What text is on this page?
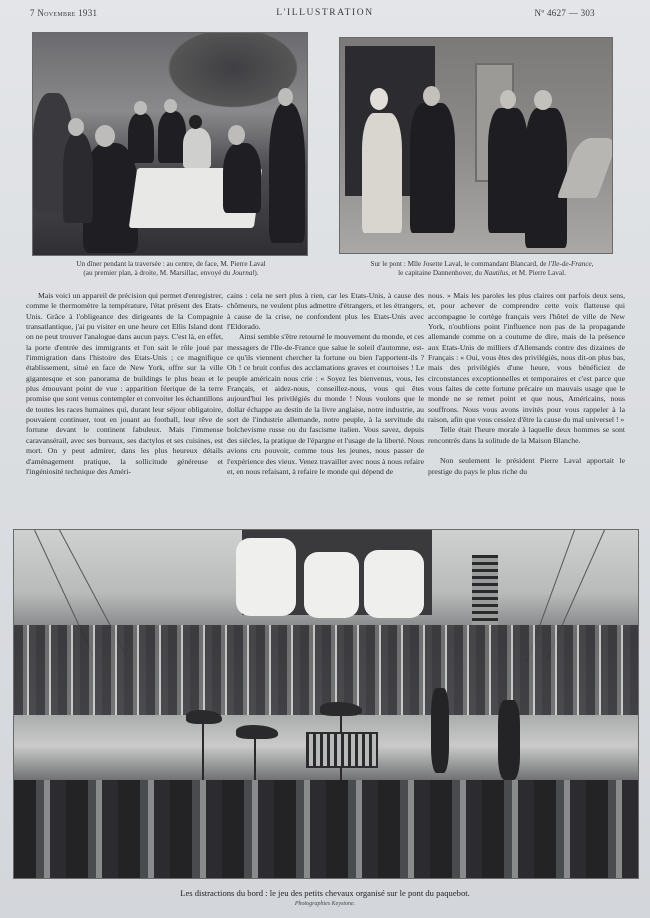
7 Novembre 1931	L'ILLUSTRATION	Nº 4627 — 303
Un dîner pendant la traversée : au centre, de face, M. Pierre Laval
(au premier plan, à droite, M. Marsillac, envoyé du Journal).
Sur le pont : Mlle Josette Laval, le commandant Blancard, de l'Ile-de-France,
le capitaine Dannenhover, du Nautilus, et M. Pierre Laval.

Mais voici un appareil de précision qui permet d'enregistrer, comme le thermomètre la température, l'état présent des Etats-Unis. Grâce à l'obligeance des dirigeants de la Compagnie transatlantique, j'ai pu visiter en une heure cet Ellis Island dont on ne peut trouver l'analogue dans aucun pays. C'est là, en effet, la porte d'entrée des immigrants et l'on sait le rôle joué par l'immigration dans l'histoire des Etats-Unis ; ce magnifique établissement, situé en face de New York, offre sur la ville gigantesque et son panorama de buildings le plus beau et le plus émouvant point de vue : apparition féerique de la terre promise que sont venus contempler et convoiter les échantillons de toutes les races humaines qui, durant leur séjour obligatoire, pouvaient continuer, tout en jouant au football, leur rêve de fortune devant le continent fabuleux. Mais l'immense caravansérail, avec ses bureaux, ses dactylos et ses cuisines, est mort. On y peut admirer, dans les plus heureux détails d'aménagement pratique, la sollicitude généreuse et l'ingéniosité technique des Améri-

cains : cela ne sert plus à rien, car les Etats-Unis, à cause des chômeurs, ne veulent plus admettre d'étrangers, et les étrangers, à cause de la crise, ne confondent plus les Etats-Unis avec l'Eldorado.

Ainsi semble s'être retourné le mouvement du monde, et ces messagers de l'Ile-de-France que salue le soleil d'automne, est-ce qu'ils viennent chercher la fortune ou bien l'apportent-ils ? Oh ! ce bruit confus des acclamations graves et courtoises ! Le peuple américain nous crie : « Soyez les bienvenus, vous, les Français, et aidez-nous, conseillez-nous, vous qui êtes aujourd'hui les privilégiés du monde ! Nous voulons que le dollar échappe au destin de la livre anglaise, notre industrie, au sort de l'industrie allemande, notre peuple, à la servitude du bolchevisme russe ou du fascisme italien. Vous savez, depuis des siècles, la pratique de l'épargne et l'usage de la liberté. Nous avions cru pouvoir, comme tous les jeunes, nous passer de l'expérience des vieux. Venez travailler avec nous à nous refaire et, en nous refaisant, à refaire le monde qui dépend de

nous. » Mais les paroles les plus claires ont parfois deux sens, et, pour achever de comprendre cette voix flatteuse qui accompagne le cortège français vers l'hôtel de ville de New York, n'oublions point l'influence non pas de la propagande allemande comme on a coutume de dire, mais de la présence aux Etats-Unis de milliers d'Allemands contre des dizaines de Français : « Oui, vous êtes des privilégiés, nous dit-on plus bas, mais des privilégiés d'une heure, vous bénéficiez de circonstances exceptionnelles et temporaires et c'est parce que vous faites de cette fortune précaire un mauvais usage que le monde ne se remet point et que nous, Américains, nous souffrons. Nous vous avons invités pour vous rappeler à la raison, afin que vous cessiez d'être la cause du mal universel ! »

Telle était l'heure morale à laquelle deux hommes se sont rencontrés dans la solitude de la Maison Blanche.

Non seulement le président Pierre Laval apportait le prestige du pays le plus riche du

Les distractions du bord : le jeu des petits chevaux organisé sur le pont du paquebot.
Photographies Keystone.
